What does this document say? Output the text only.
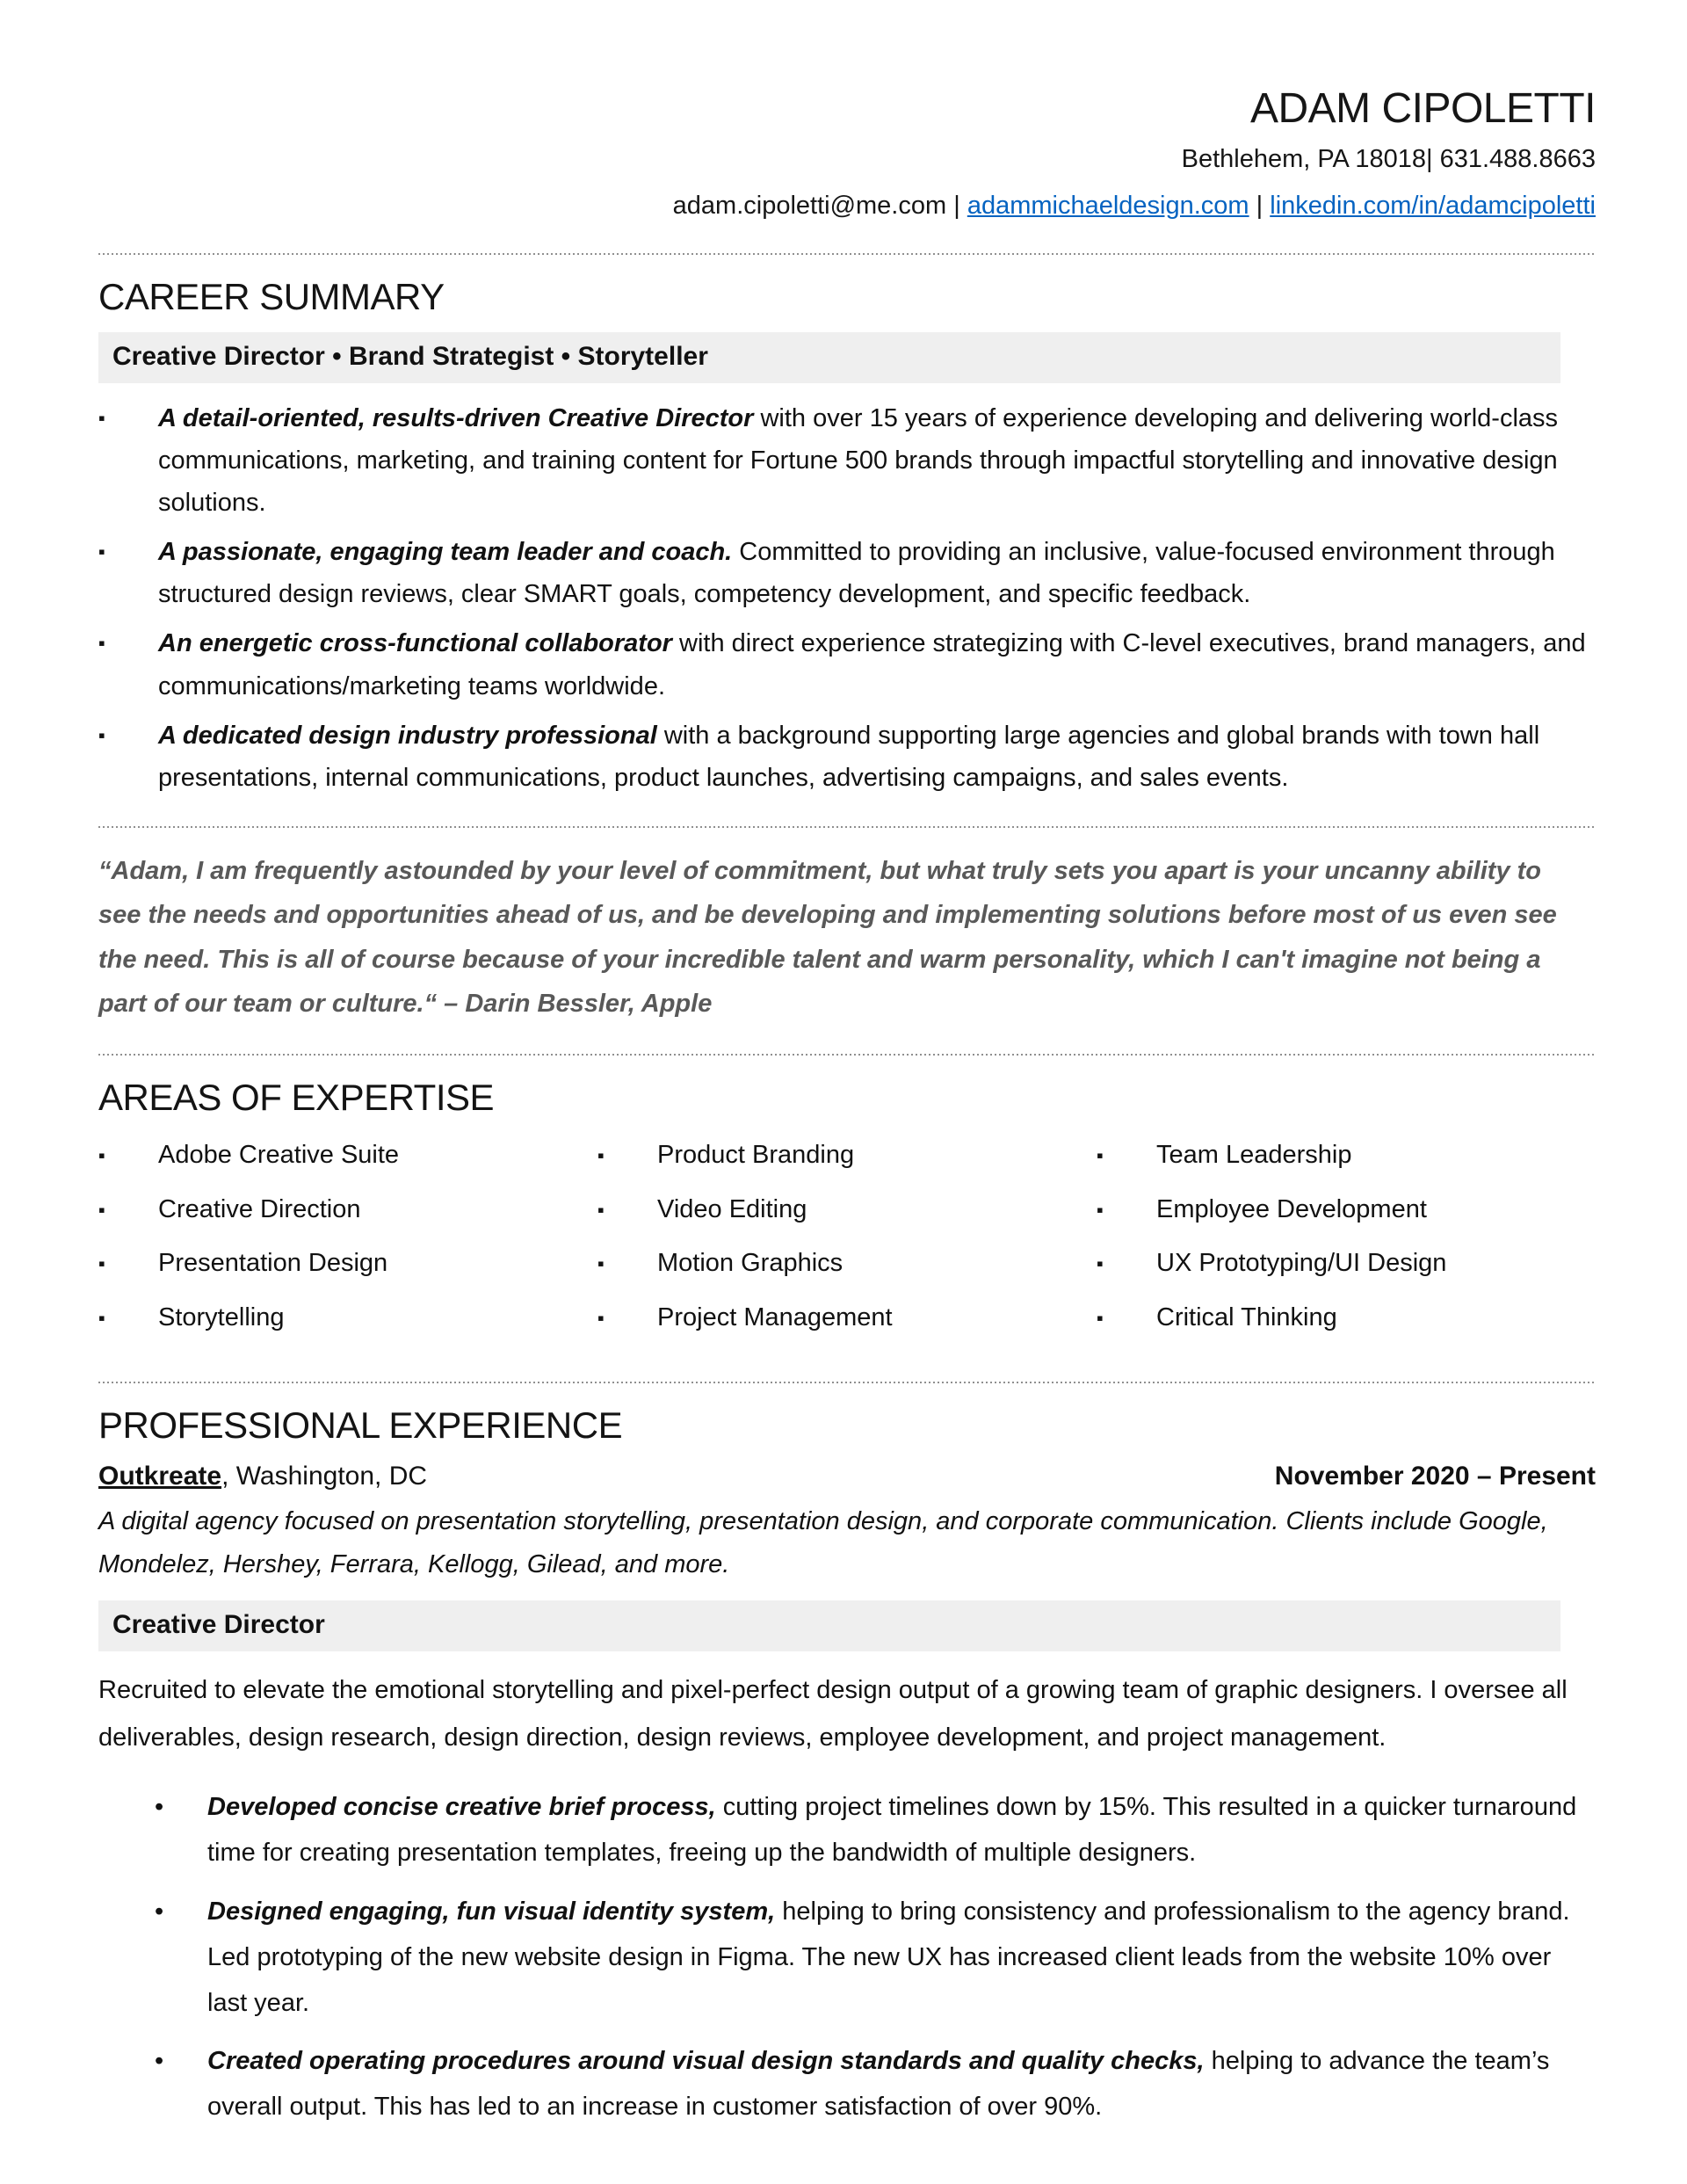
ADAM CIPOLETTI
Bethlehem, PA 18018| 631.488.8663
adam.cipoletti@me.com | adammichaeldesign.com | linkedin.com/in/adamcipoletti
CAREER SUMMARY
Creative Director • Brand Strategist • Storyteller
▪	A detail-oriented, results-driven Creative Director with over 15 years of experience developing and delivering world-class communications, marketing, and training content for Fortune 500 brands through impactful storytelling and innovative design solutions.
▪	A passionate, engaging team leader and coach. Committed to providing an inclusive, value-focused environment through structured design reviews, clear SMART goals, competency development, and specific feedback.
▪	An energetic cross-functional collaborator with direct experience strategizing with C-level executives, brand managers, and communications/marketing teams worldwide.
▪	A dedicated design industry professional with a background supporting large agencies and global brands with town hall presentations, internal communications, product launches, advertising campaigns, and sales events.
“Adam, I am frequently astounded by your level of commitment, but what truly sets you apart is your uncanny ability to see the needs and opportunities ahead of us, and be developing and implementing solutions before most of us even see the need. This is all of course because of your incredible talent and warm personality, which I can't imagine not being a part of our team or culture.“ – Darin Bessler, Apple
AREAS OF EXPERTISE
▪	Adobe Creative Suite
▪	Creative Direction
▪	Presentation Design
▪	Storytelling
▪	Product Branding
▪	Video Editing
▪	Motion Graphics
▪	Project Management
▪	Team Leadership
▪	Employee Development
▪	UX Prototyping/UI Design
▪	Critical Thinking
PROFESSIONAL EXPERIENCE
Outkreate, Washington, DC	November 2020 – Present

A digital agency focused on presentation storytelling, presentation design, and corporate communication. Clients include Google, Mondelez, Hershey, Ferrara, Kellogg, Gilead, and more.

Creative Director

Recruited to elevate the emotional storytelling and pixel-perfect design output of a growing team of graphic designers. I oversee all deliverables, design research, design direction, design reviews, employee development, and project management.

•	Developed concise creative brief process, cutting project timelines down by 15%. This resulted in a quicker turnaround time for creating presentation templates, freeing up the bandwidth of multiple designers.
•	Designed engaging, fun visual identity system, helping to bring consistency and professionalism to the agency brand. Led prototyping of the new website design in Figma. The new UX has increased client leads from the website 10% over last year.
•	Created operating procedures around visual design standards and quality checks, helping to advance the team’s overall output. This has led to an increase in customer satisfaction of over 90%.
